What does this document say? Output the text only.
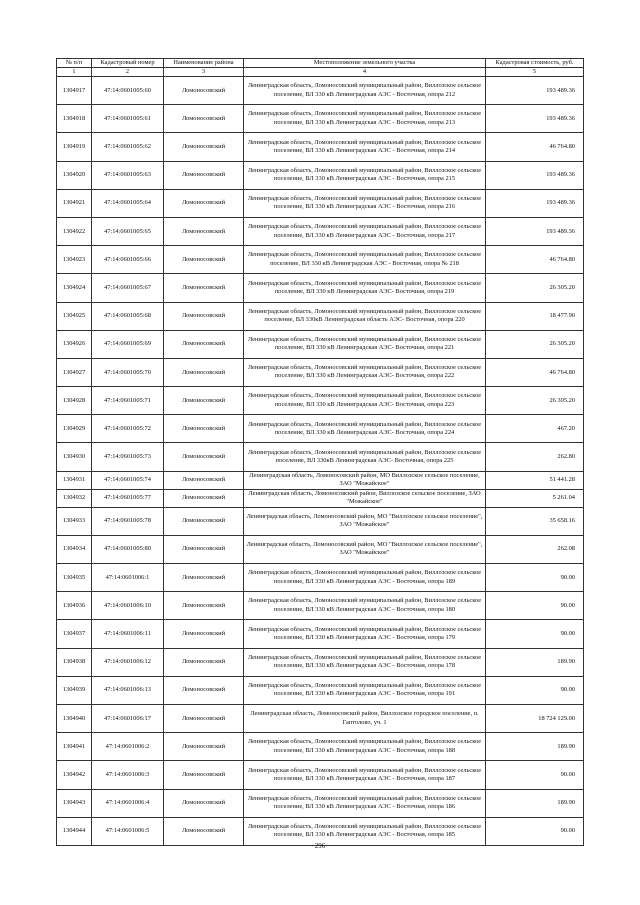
№ п/п	Кадастровый номер	Наименование района	Местоположение земельного участка	Кадастровая стоимость, руб.
1	2	3	4	5
1304917	47:14:0601005:60	Ломоносовский	Ленинградская область, Ломоносовский муниципальный район, Виллозское сельское поселение, ВЛ 330 кВ Ленинградская АЭС - Восточная, опора 212	193 489.36
1304918	47:14:0601005:61	Ломоносовский	Ленинградская область, Ломоносовский муниципальный район, Виллозское сельское поселение, ВЛ 330 кВ Ленинградская АЭС - Восточная, опора 213	193 489.36
1304919	47:14:0601005:62	Ломоносовский	Ленинградская область, Ломоносовский муниципальный район, Виллозское сельское поселение, ВЛ 330 кВ Ленинградская АЭС - Восточная, опора 214	46 764.80
1304920	47:14:0601005:63	Ломоносовский	Ленинградская область, Ломоносовский муниципальный район, Виллозское сельское поселение, ВЛ 330 кВ Ленинградская АЭС - Восточная, опора 215	193 489.36
1304921	47:14:0601005:64	Ломоносовский	Ленинградская область, Ломоносовский муниципальный район, Виллозское сельское поселение, ВЛ 330 кВ Ленинградская АЭС - Восточная, опора 216	193 489.36
1304922	47:14:0601005:65	Ломоносовский	Ленинградская область, Ломоносовский муниципальный район, Виллозское сельское поселение, ВЛ 330 кВ Ленинградская АЭС - Восточная, опора 217	193 489.36
1304923	47:14:0601005:66	Ломоносовский	Ленинградская область, Ломоносовский муниципальный район, Виллозское сельское поселение, ВЛ 330 кВ Ленинградская АЭС - Восточная, опора № 218	46 764.80
1304924	47:14:0601005:67	Ломоносовский	Ленинградская область, Ломоносовский муниципальный район, Виллозское сельское поселение, ВЛ 330 кВ Ленинградская АЭС- Восточная, опора 219	26 305.20
1304925	47:14:0601005:68	Ломоносовский	Ленинградская область, Ломоносовский муниципальный район, Виллозское сельское поселение, ВЛ 330кВ Ленинградская область АЭС- Восточная, опора 220	18 477.90
1304926	47:14:0601005:69	Ломоносовский	Ленинградская область, Ломоносовский муниципальный район, Виллозское сельское поселение, ВЛ 330 кВ Ленинградская АЭС- Восточная, опора 221	26 305.20
1304927	47:14:0601005:70	Ломоносовский	Ленинградская область, Ломоносовский муниципальный район, Виллозское сельское поселение, ВЛ 330 кВ Ленинградская АЭС- Восточная, опора 222	46 764.80
1304928	47:14:0601005:71	Ломоносовский	Ленинградская область, Ломоносовский муниципальный район, Виллозское сельское поселение, ВЛ 330 кВ Ленинградская АЭС- Восточная, опора 223	26 305.20
1304929	47:14:0601005:72	Ломоносовский	Ленинградская область, Ломоносовский муниципальный район, Виллозское сельское поселение, ВЛ 330 кВ Ленинградская АЭС- Восточная, опора 224	467.20
1304930	47:14:0601005:73	Ломоносовский	Ленинградская область, Ломоносовский муниципальный район, Виллозское сельское поселение, ВЛ 330кВ Ленинградская АЭС- Восточная, опора 225	262.80
1304931	47:14:0601005:74	Ломоносовский	Ленинградская область, Ломоносовский район, МО Виллозское сельское поселение, ЗАО "Можайское"	51 441.28
1304932	47:14:0601005:77	Ломоносовский	Ленинградская область, Ломоносовский район, Виллозское сельское поселение, ЗАО "Можайское"	5 261.04
1304933	47:14:0601005:78	Ломоносовский	Ленинградская область, Ломоносовский район, МО "Виллозское сельское поселение", ЗАО "Можайское"	35 658.16
1304934	47:14:0601005:80	Ломоносовский	Ленинградская область, Ломоносовский район, МО "Виллозское сельское поселение", ЗАО "Можайское"	262.08
1304935	47:14:0601006:1	Ломоносовский	Ленинградская область, Ломоносовский муниципальный район, Виллозское сельское поселение, ВЛ 330 кВ Ленинградская АЭС - Восточная, опора 189	90.00
1304936	47:14:0601006:10	Ломоносовский	Ленинградская область, Ломоносовский муниципальный район, Виллозское сельское поселение, ВЛ 330 кВ Ленинградская АЭС - Восточная, опора 180	90.00
1304937	47:14:0601006:11	Ломоносовский	Ленинградская область, Ломоносовский муниципальный район, Виллозское сельское поселение, ВЛ 330 кВ Ленинградская АЭС - Восточная, опора 179	90.00
1304938	47:14:0601006:12	Ломоносовский	Ленинградская область, Ломоносовский муниципальный район, Виллозское сельское поселение, ВЛ 330 кВ Ленинградская АЭС - Восточная, опора 178	189.90
1304939	47:14:0601006:13	Ломоносовский	Ленинградская область, Ломоносовский муниципальный район, Виллозское сельское поселение, ВЛ 330 кВ Ленинградская АЭС - Восточная, опора 191	90.00
1304940	47:14:0601006:17	Ломоносовский	Ленинградская область, Ломоносовский район, Виллозское городское поселение, п. Гаптолово, уч. 1	18 724 129.00
1304941	47:14:0601006:2	Ломоносовский	Ленинградская область, Ломоносовский муниципальный район, Виллозское сельское поселение, ВЛ 330 кВ Ленинградская АЭС - Восточная, опора 188	189.90
1304942	47:14:0601006:3	Ломоносовский	Ленинградская область, Ломоносовский муниципальный район, Виллозское сельское поселение, ВЛ 330 кВ Ленинградская АЭС - Восточная, опора 187	90.00
1304943	47:14:0601006:4	Ломоносовский	Ленинградская область, Ломоносовский муниципальный район, Виллозское сельское поселение, ВЛ 330 кВ Ленинградская АЭС - Восточная, опора 186	189.90
1304944	47:14:0601006:5	Ломоносовский	Ленинградская область, Ломоносовский муниципальный район, Виллозское сельское поселение, ВЛ 330 кВ Ленинградская АЭС - Восточная, опора 185	90.00
296
